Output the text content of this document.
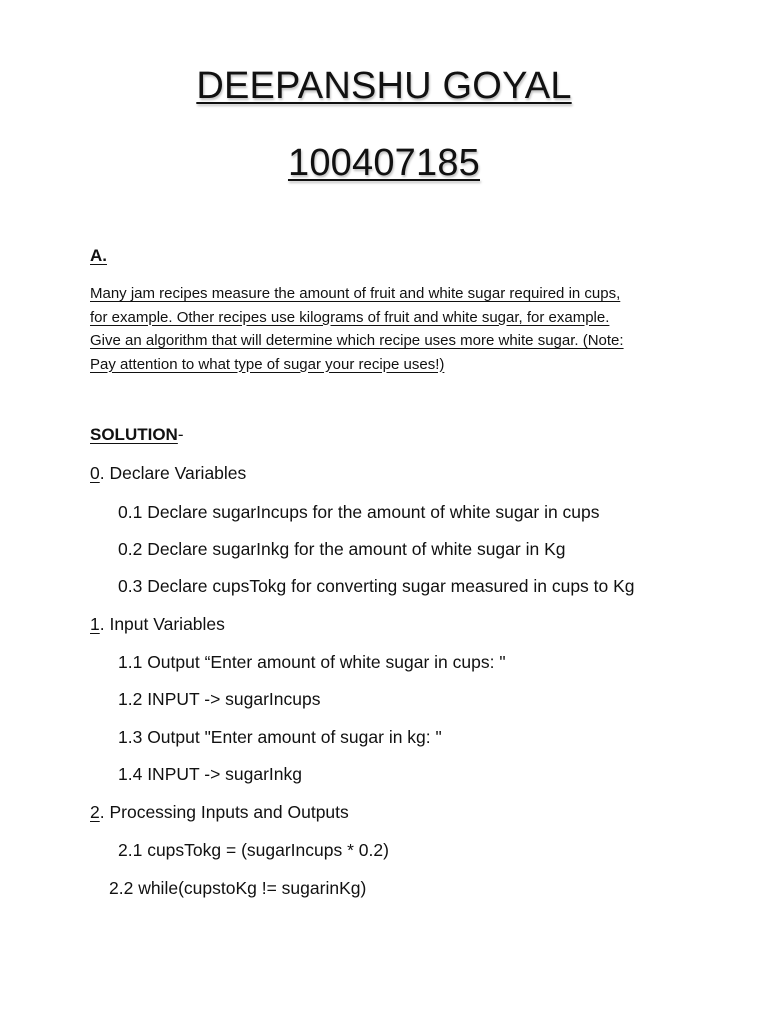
DEEPANSHU GOYAL
100407185
A.
Many jam recipes measure the amount of fruit and white sugar required in cups,
for example. Other recipes use kilograms of fruit and white sugar, for example.
Give an algorithm that will determine which recipe uses more white sugar. (Note:
Pay attention to what type of sugar your recipe uses!)
SOLUTION-
0. Declare Variables
0.1 Declare sugarIncups for the amount of white sugar in cups
0.2 Declare sugarInkg for the amount of white sugar in Kg
0.3 Declare cupsTokg for converting sugar measured in cups to Kg
1. Input Variables
1.1 Output “Enter amount of white sugar in cups: "
1.2 INPUT -> sugarIncups
1.3 Output "Enter amount of sugar in kg: "
1.4 INPUT -> sugarInkg
2. Processing Inputs and Outputs
2.1 cupsTokg = (sugarIncups * 0.2)
2.2 while(cupstoKg != sugarinKg)
